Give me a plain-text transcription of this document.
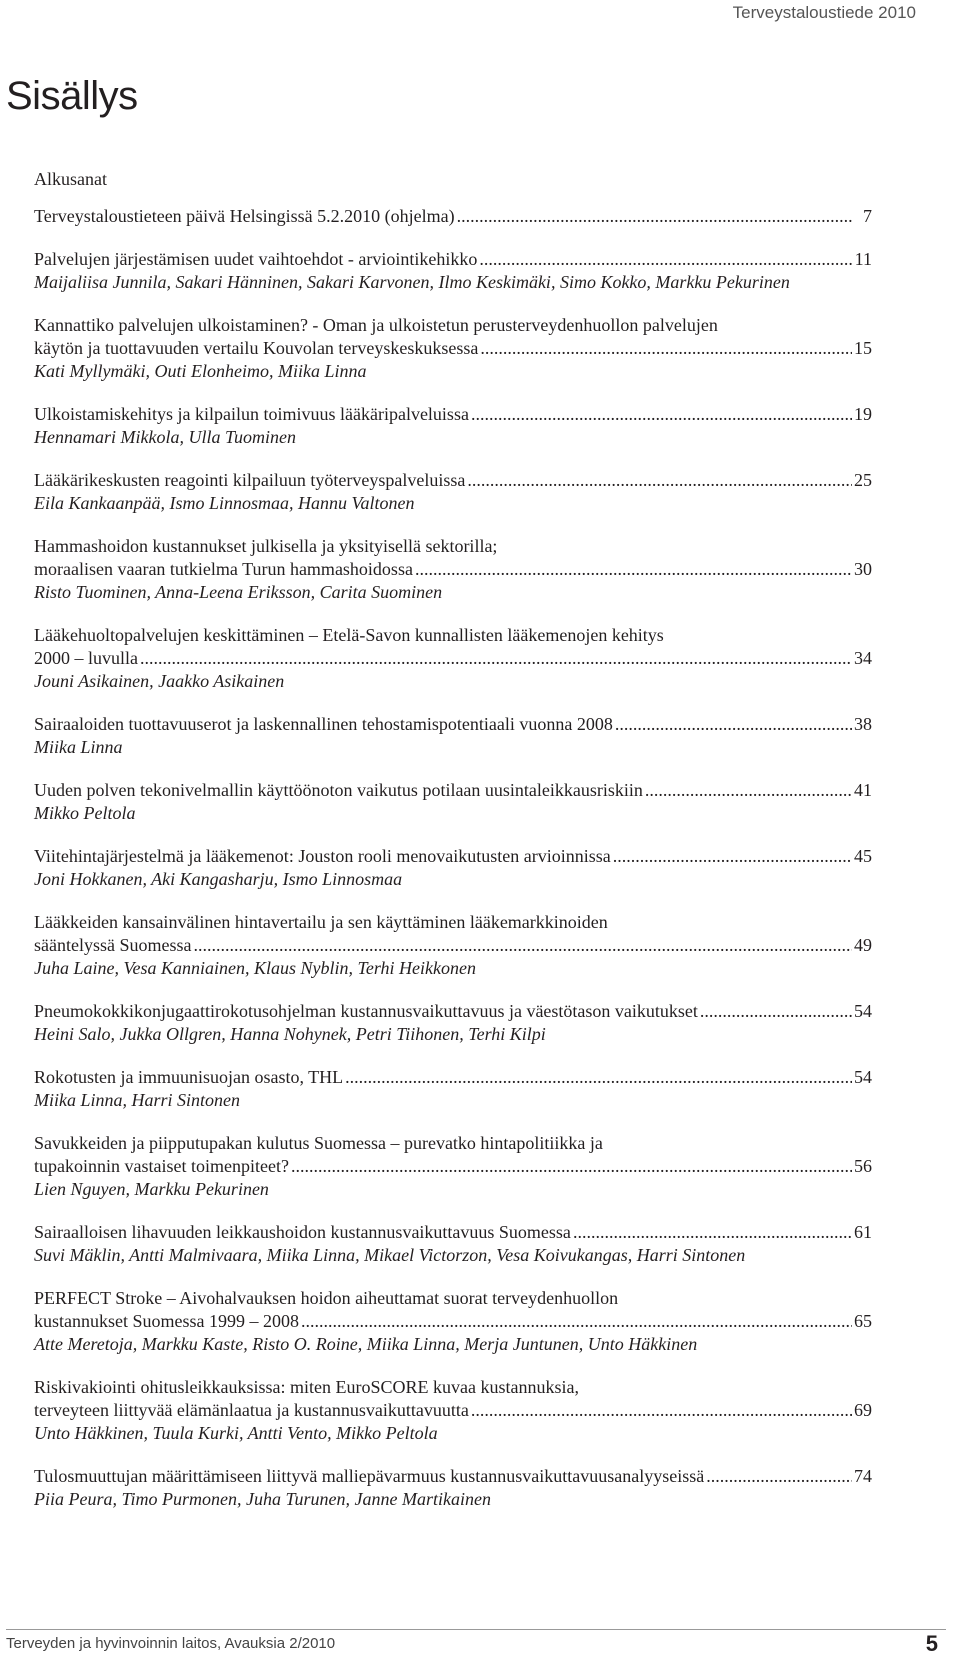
Terveystaloustiede 2010
Sisällys
Alkusanat
Terveystaloustieteen päivä Helsingissä 5.2.2010 (ohjelma) .....	7
Palvelujen järjestämisen uudet vaihtoehdot - arviointikehikko .....	11
Maijaliisa Junnila, Sakari Hänninen, Sakari Karvonen, Ilmo Keskimäki, Simo Kokko, Markku Pekurinen
Kannattiko palvelujen ulkoistaminen? - Oman ja ulkoistetun perusterveydenhuollon palvelujen
käytön ja tuottavuuden vertailu Kouvolan terveyskeskuksessa .....	15
Kati Myllymäki, Outi Elonheimo, Miika Linna
Ulkoistamiskehitys ja kilpailun toimivuus lääkäripalveluissa .....	19
Hennamari Mikkola, Ulla Tuominen
Lääkärikeskusten reagointi kilpailuun työterveyspalveluissa .....	25
Eila Kankaanpää, Ismo Linnosmaa, Hannu Valtonen
Hammashoidon kustannukset julkisella ja yksityisellä sektorilla;
moraalisen vaaran tutkielma Turun hammashoidossa .....	30
Risto Tuominen, Anna-Leena Eriksson, Carita Suominen
Lääkehuoltopalvelujen keskittäminen – Etelä-Savon kunnallisten lääkemenojen kehitys
2000 – luvulla .....	34
Jouni Asikainen, Jaakko Asikainen
Sairaaloiden tuottavuuserot ja laskennallinen tehostamispotentiaali vuonna 2008 .....	38
Miika Linna
Uuden polven tekonivelmallin käyttöönoton vaikutus potilaan uusintaleikkausriskiin .....	41
Mikko Peltola
Viitehintajärjestelmä ja lääkemenot: Jouston rooli menovaikutusten arvioinnissa .....	45
Joni Hokkanen, Aki Kangasharju, Ismo Linnosmaa
Lääkkeiden kansainvälinen hintavertailu ja sen käyttäminen lääkemarkkinoiden
sääntelyssä Suomessa .....	49
Juha Laine, Vesa Kanniainen, Klaus Nyblin, Terhi Heikkonen
Pneumokokkikonjugaattirokotusohjelman kustannusvaikuttavuus ja väestötason vaikutukset .....	54
Heini Salo, Jukka Ollgren, Hanna Nohynek, Petri Tiihonen, Terhi Kilpi
Rokotusten ja immuunisuojan osasto, THL .....	54
Miika Linna, Harri Sintonen
Savukkeiden ja piipputupakan kulutus Suomessa – purevatko hintapolitiikka ja
tupakoinnin vastaiset toimenpiteet? .....	56
Lien Nguyen, Markku Pekurinen
Sairaalloisen lihavuuden leikkaushoidon kustannusvaikuttavuus Suomessa .....	61
Suvi Mäklin, Antti Malmivaara, Miika Linna, Mikael Victorzon, Vesa Koivukangas, Harri Sintonen
PERFECT Stroke – Aivohalvauksen hoidon aiheuttamat suorat terveydenhuollon
kustannukset Suomessa 1999 – 2008 .....	65
Atte Meretoja, Markku Kaste, Risto O. Roine, Miika Linna, Merja Juntunen, Unto Häkkinen
Riskivakiointi ohitusleikkauksissa: miten EuroSCORE kuvaa kustannuksia,
terveyteen liittyvää elämänlaatua ja kustannusvaikuttavuutta .....	69
Unto Häkkinen, Tuula Kurki, Antti Vento, Mikko Peltola
Tulosmuuttujan määrittämiseen liittyvä malliepävarmuus kustannusvaikuttavuusanalyyseissä .....	74
Piia Peura, Timo Purmonen, Juha Turunen, Janne Martikainen
Terveyden ja hyvinvoinnin laitos, Avauksia 2/2010	5
